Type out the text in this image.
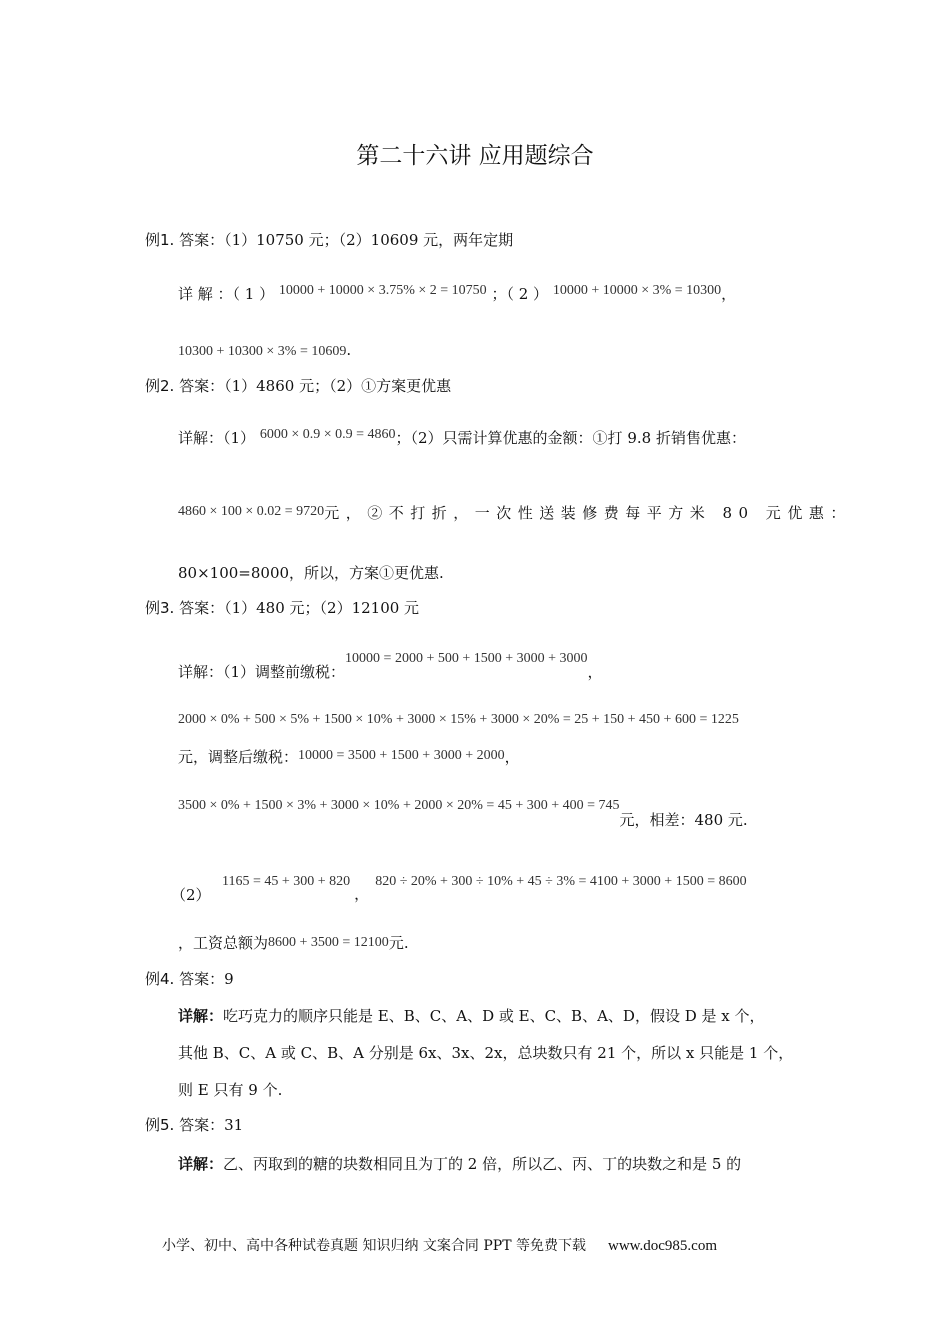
第二十六讲 应用题综合
例1. 答案：（1）10750 元；（2）10609 元，两年定期
详 解 ：（ 1 ） 10000 + 10000 × 3.75% × 2 = 10750 ；（ 2 ） 10000 + 10000 × 3% = 10300，
10300 + 10300 × 3% = 10609.
例2. 答案：（1）4860 元；（2）①方案更优惠
详解：（1） 6000 × 0.9 × 0.9 = 4860；（2）只需计算优惠的金额：①打 9.8 折销售优惠：
4860 × 100 × 0.02 = 9720元，②不打折，一次性送装修费每平方米 80 元优惠：
80×100=8000，所以，方案①更优惠.
例3. 答案：（1）480 元；（2）12100 元
详解：（1）调整前缴税：10000 = 2000 + 500 + 1500 + 3000 + 3000，
2000 × 0% + 500 × 5% + 1500 × 10% + 3000 × 15% + 3000 × 20% = 25 + 150 + 450 + 600 = 1225
元，调整后缴税：10000 = 3500 + 1500 + 3000 + 2000，
3500 × 0% + 1500 × 3% + 3000 × 10% + 2000 × 20% = 45 + 300 + 400 = 745元，相差：480 元.
（2）
1165 = 45 + 300 + 820，820 ÷ 20% + 300 ÷ 10% + 45 ÷ 3% = 4100 + 3000 + 1500 = 8600
，工资总额为8600 + 3500 = 12100元.
例4. 答案：9
详解：吃巧克力的顺序只能是 E、B、C、A、D 或 E、C、B、A、D，假设 D 是 x 个，
其他 B、C、A 或 C、B、A 分别是 6x、3x、2x，总块数只有 21 个，所以 x 只能是 1 个，
则 E 只有 9 个.
例5. 答案：31
详解：乙、丙取到的糖的块数相同且为丁的 2 倍，所以乙、丙、丁的块数之和是 5 的
小学、初中、高中各种试卷真题 知识归纳 文案合同 PPT 等免费下载 www.doc985.com
